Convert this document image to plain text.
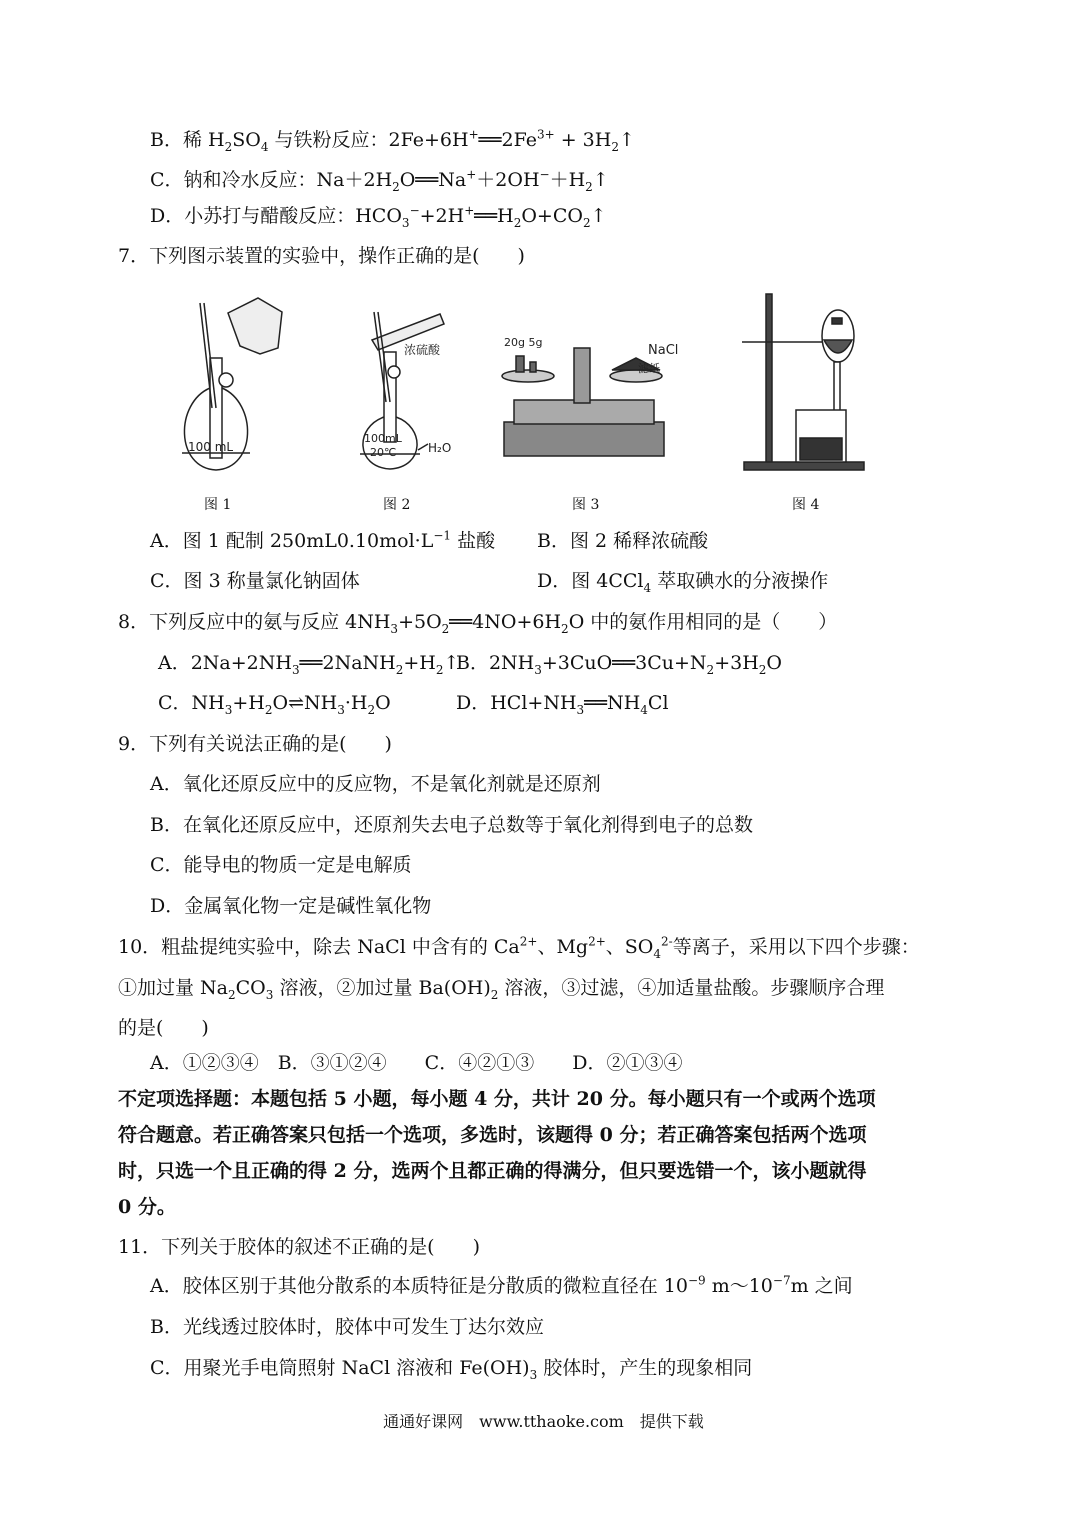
B．稀 $H_2SO_4$ 与铁粉反应：$2Fe+6H^+══2Fe^{3+}$ + $3H_2↑$
C．钠和冷水反应：$Na+2H_2O══Na^++2OH^-+H_2↑$
D．小苏打与醋酸反应：$HCO_3^-+2H^+══H_2O+CO_2↑$
7．下列图示装置的实验中，操作正确的是(　　)
100 mL
图 1
浓硫酸
100mL
20℃	H₂O
图 2
20g 5g
NaCl
滤纸
图 3	图 4
A．图 1 配制 $250mL0.10mol\cdot L^{-1}$ 盐酸 B．图 2 稀释浓硫酸
C．图 3 称量氯化钠固体	D．图 4CCl$_4$ 萃取碘水的分液操作
8．下列反应中的氨与反应 $4NH_3+5O_2══4NO+6H_2O$ 中的氨作用相同的是（　　）
A．$2Na+2NH_3══2NaNH_2+H_2↑$
B．$2NH_3+3CuO══3Cu+N_2+3H_2O$
C．$NH_3+H_2O\rightleftharpoons NH_3\cdot H_2O$	D．$HCl+NH_3══NH_4Cl$
9．下列有关说法正确的是(　　)
A．氧化还原反应中的反应物，不是氧化剂就是还原剂
B．在氧化还原反应中，还原剂失去电子总数等于氧化剂得到电子的总数
C．能导电的物质一定是电解质
D．金属氧化物一定是碱性氧化物
10．粗盐提纯实验中，除去 NaCl 中含有的 $Ca^{2+}$、$Mg^{2+}$、$SO_4^{2-}$等离子，采用以下四个步骤：
①加过量 $Na_2CO_3$ 溶液，②加过量 $Ba(OH)_2$ 溶液，③过滤，④加适量盐酸。步骤顺序合理
的是(　　)
A．①②③④　B．③①②④　　C．④②①③　　D．②①③④
不定项选择题：本题包括 5 小题，每小题 4 分，共计 20 分。每小题只有一个或两个选项
符合题意。若正确答案只包括一个选项，多选时，该题得 0 分；若正确答案包括两个选项
时，只选一个且正确的得 2 分，选两个且都正确的得满分，但只要选错一个，该小题就得
0 分。
11．下列关于胶体的叙述不正确的是(　　)
A．胶体区别于其他分散系的本质特征是分散质的微粒直径在 $10^{-9}$ $m\sim 10^{-7}m$ 之间
B．光线透过胶体时，胶体中可发生丁达尔效应
C．用聚光手电筒照射 NaCl 溶液和 $Fe(OH)_3$ 胶体时，产生的现象相同
通通好课网　www.tthaoke.com　提供下载
